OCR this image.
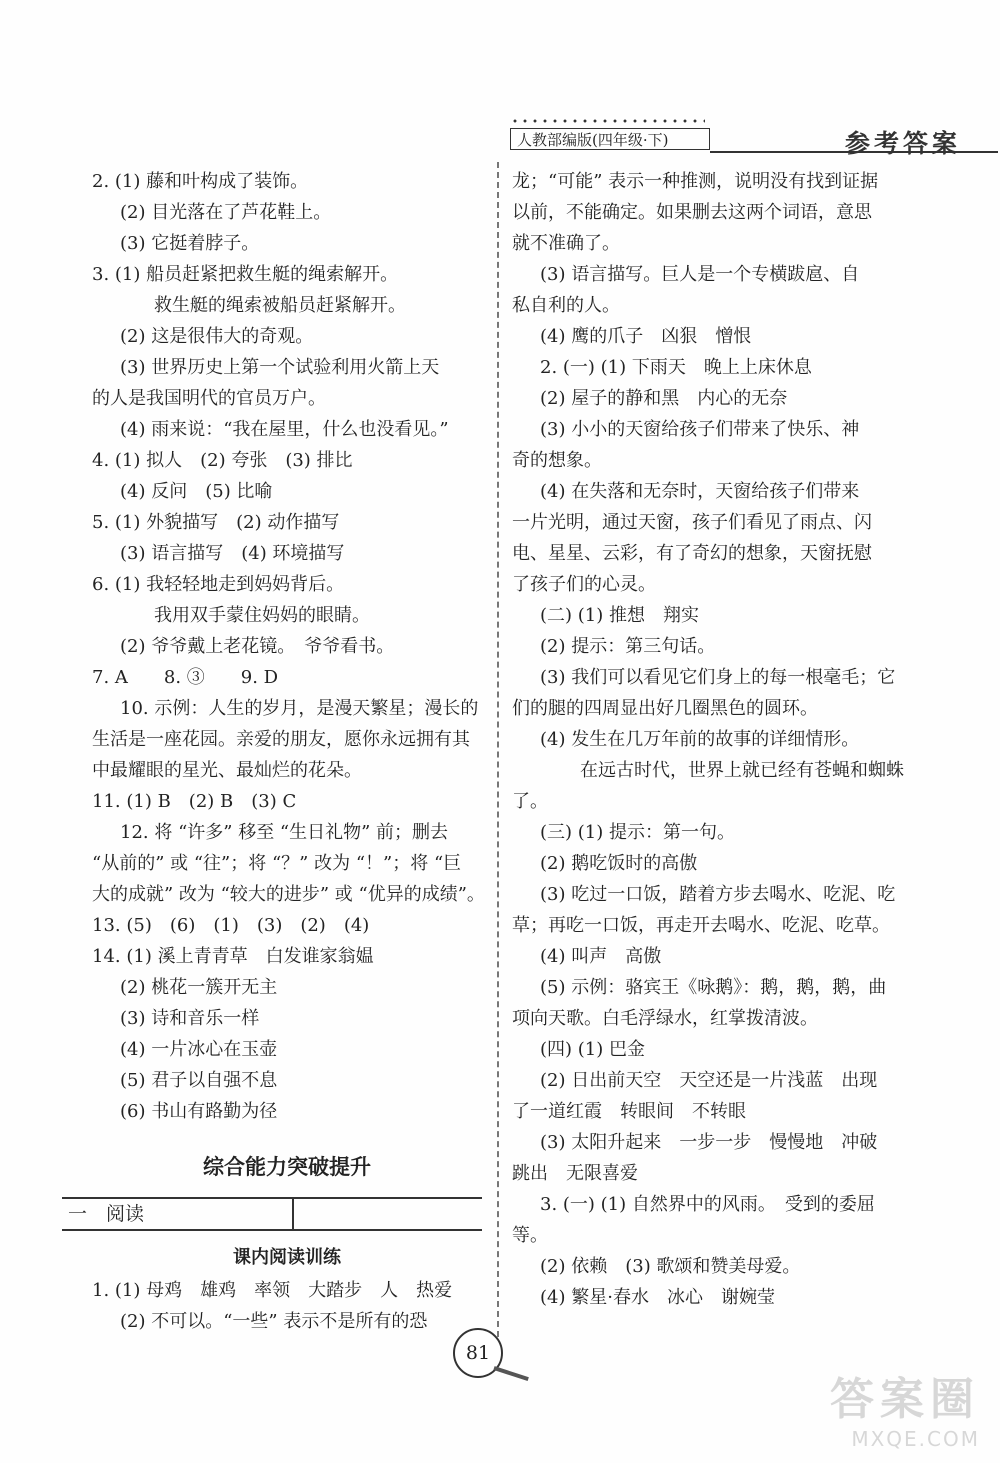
人教部编版(四年级·下)	参考答案
2. (1) 藤和叶构成了装饰。
(2) 目光落在了芦花鞋上。
(3) 它挺着脖子。
3. (1) 船员赶紧把救生艇的绳索解开。
救生艇的绳索被船员赶紧解开。
(2) 这是很伟大的奇观。
(3) 世界历史上第一个试验利用火箭上天
的人是我国明代的官员万户。
(4) 雨来说：“我在屋里，什么也没看见。”
4. (1) 拟人　(2) 夸张　(3) 排比
(4) 反问　(5) 比喻
5. (1) 外貌描写　(2) 动作描写
(3) 语言描写　(4) 环境描写
6. (1) 我轻轻地走到妈妈背后。
我用双手蒙住妈妈的眼睛。
(2) 爷爷戴上老花镜。　爷爷看书。
7. A　　8. ③　　9. D
10. 示例：人生的岁月，是漫天繁星；漫长的
生活是一座花园。亲爱的朋友，愿你永远拥有其
中最耀眼的星光、最灿烂的花朵。
11. (1) B　(2) B　(3) C
12. 将 “许多” 移至 “生日礼物” 前；删去
“从前的” 或 “往”；将 “？” 改为 “！”；将 “巨
大的成就” 改为 “较大的进步” 或 “优异的成绩”。
13. (5)　(6)　(1)　(3)　(2)　(4)
14. (1) 溪上青青草　白发谁家翁媪
(2) 桃花一簇开无主
(3) 诗和音乐一样
(4) 一片冰心在玉壶
(5) 君子以自强不息
(6) 书山有路勤为径
综合能力突破提升
一　阅读
课内阅读训练
1. (1) 母鸡　雄鸡　率领　大踏步　人　热爱
(2) 不可以。“一些” 表示不是所有的恐
龙；“可能” 表示一种推测，说明没有找到证据
以前，不能确定。如果删去这两个词语，意思
就不准确了。
(3) 语言描写。巨人是一个专横跋扈、自
私自利的人。
(4) 鹰的爪子　凶狠　憎恨
2. (一) (1) 下雨天　晚上上床休息
(2) 屋子的静和黑　内心的无奈
(3) 小小的天窗给孩子们带来了快乐、神
奇的想象。
(4) 在失落和无奈时，天窗给孩子们带来
一片光明，通过天窗，孩子们看见了雨点、闪
电、星星、云彩，有了奇幻的想象，天窗抚慰
了孩子们的心灵。
(二) (1) 推想　翔实
(2) 提示：第三句话。
(3) 我们可以看见它们身上的每一根毫毛；它
们的腿的四周显出好几圈黑色的圆环。
(4) 发生在几万年前的故事的详细情形。
在远古时代，世界上就已经有苍蝇和蜘蛛
了。
(三) (1) 提示：第一句。
(2) 鹅吃饭时的高傲
(3) 吃过一口饭，踏着方步去喝水、吃泥、吃
草；再吃一口饭，再走开去喝水、吃泥、吃草。
(4) 叫声　高傲
(5) 示例：骆宾王《咏鹅》：鹅，鹅，鹅，曲
项向天歌。白毛浮绿水，红掌拨清波。
(四) (1) 巴金
(2) 日出前天空　天空还是一片浅蓝　出现
了一道红霞　转眼间　不转眼
(3) 太阳升起来　一步一步　慢慢地　冲破
跳出　无限喜爱
3. (一) (1) 自然界中的风雨。　受到的委屈
等。
(2) 依赖　(3) 歌颂和赞美母爱。
(4) 繁星·春水　冰心　谢婉莹
81
答案圈
MXQE.COM
